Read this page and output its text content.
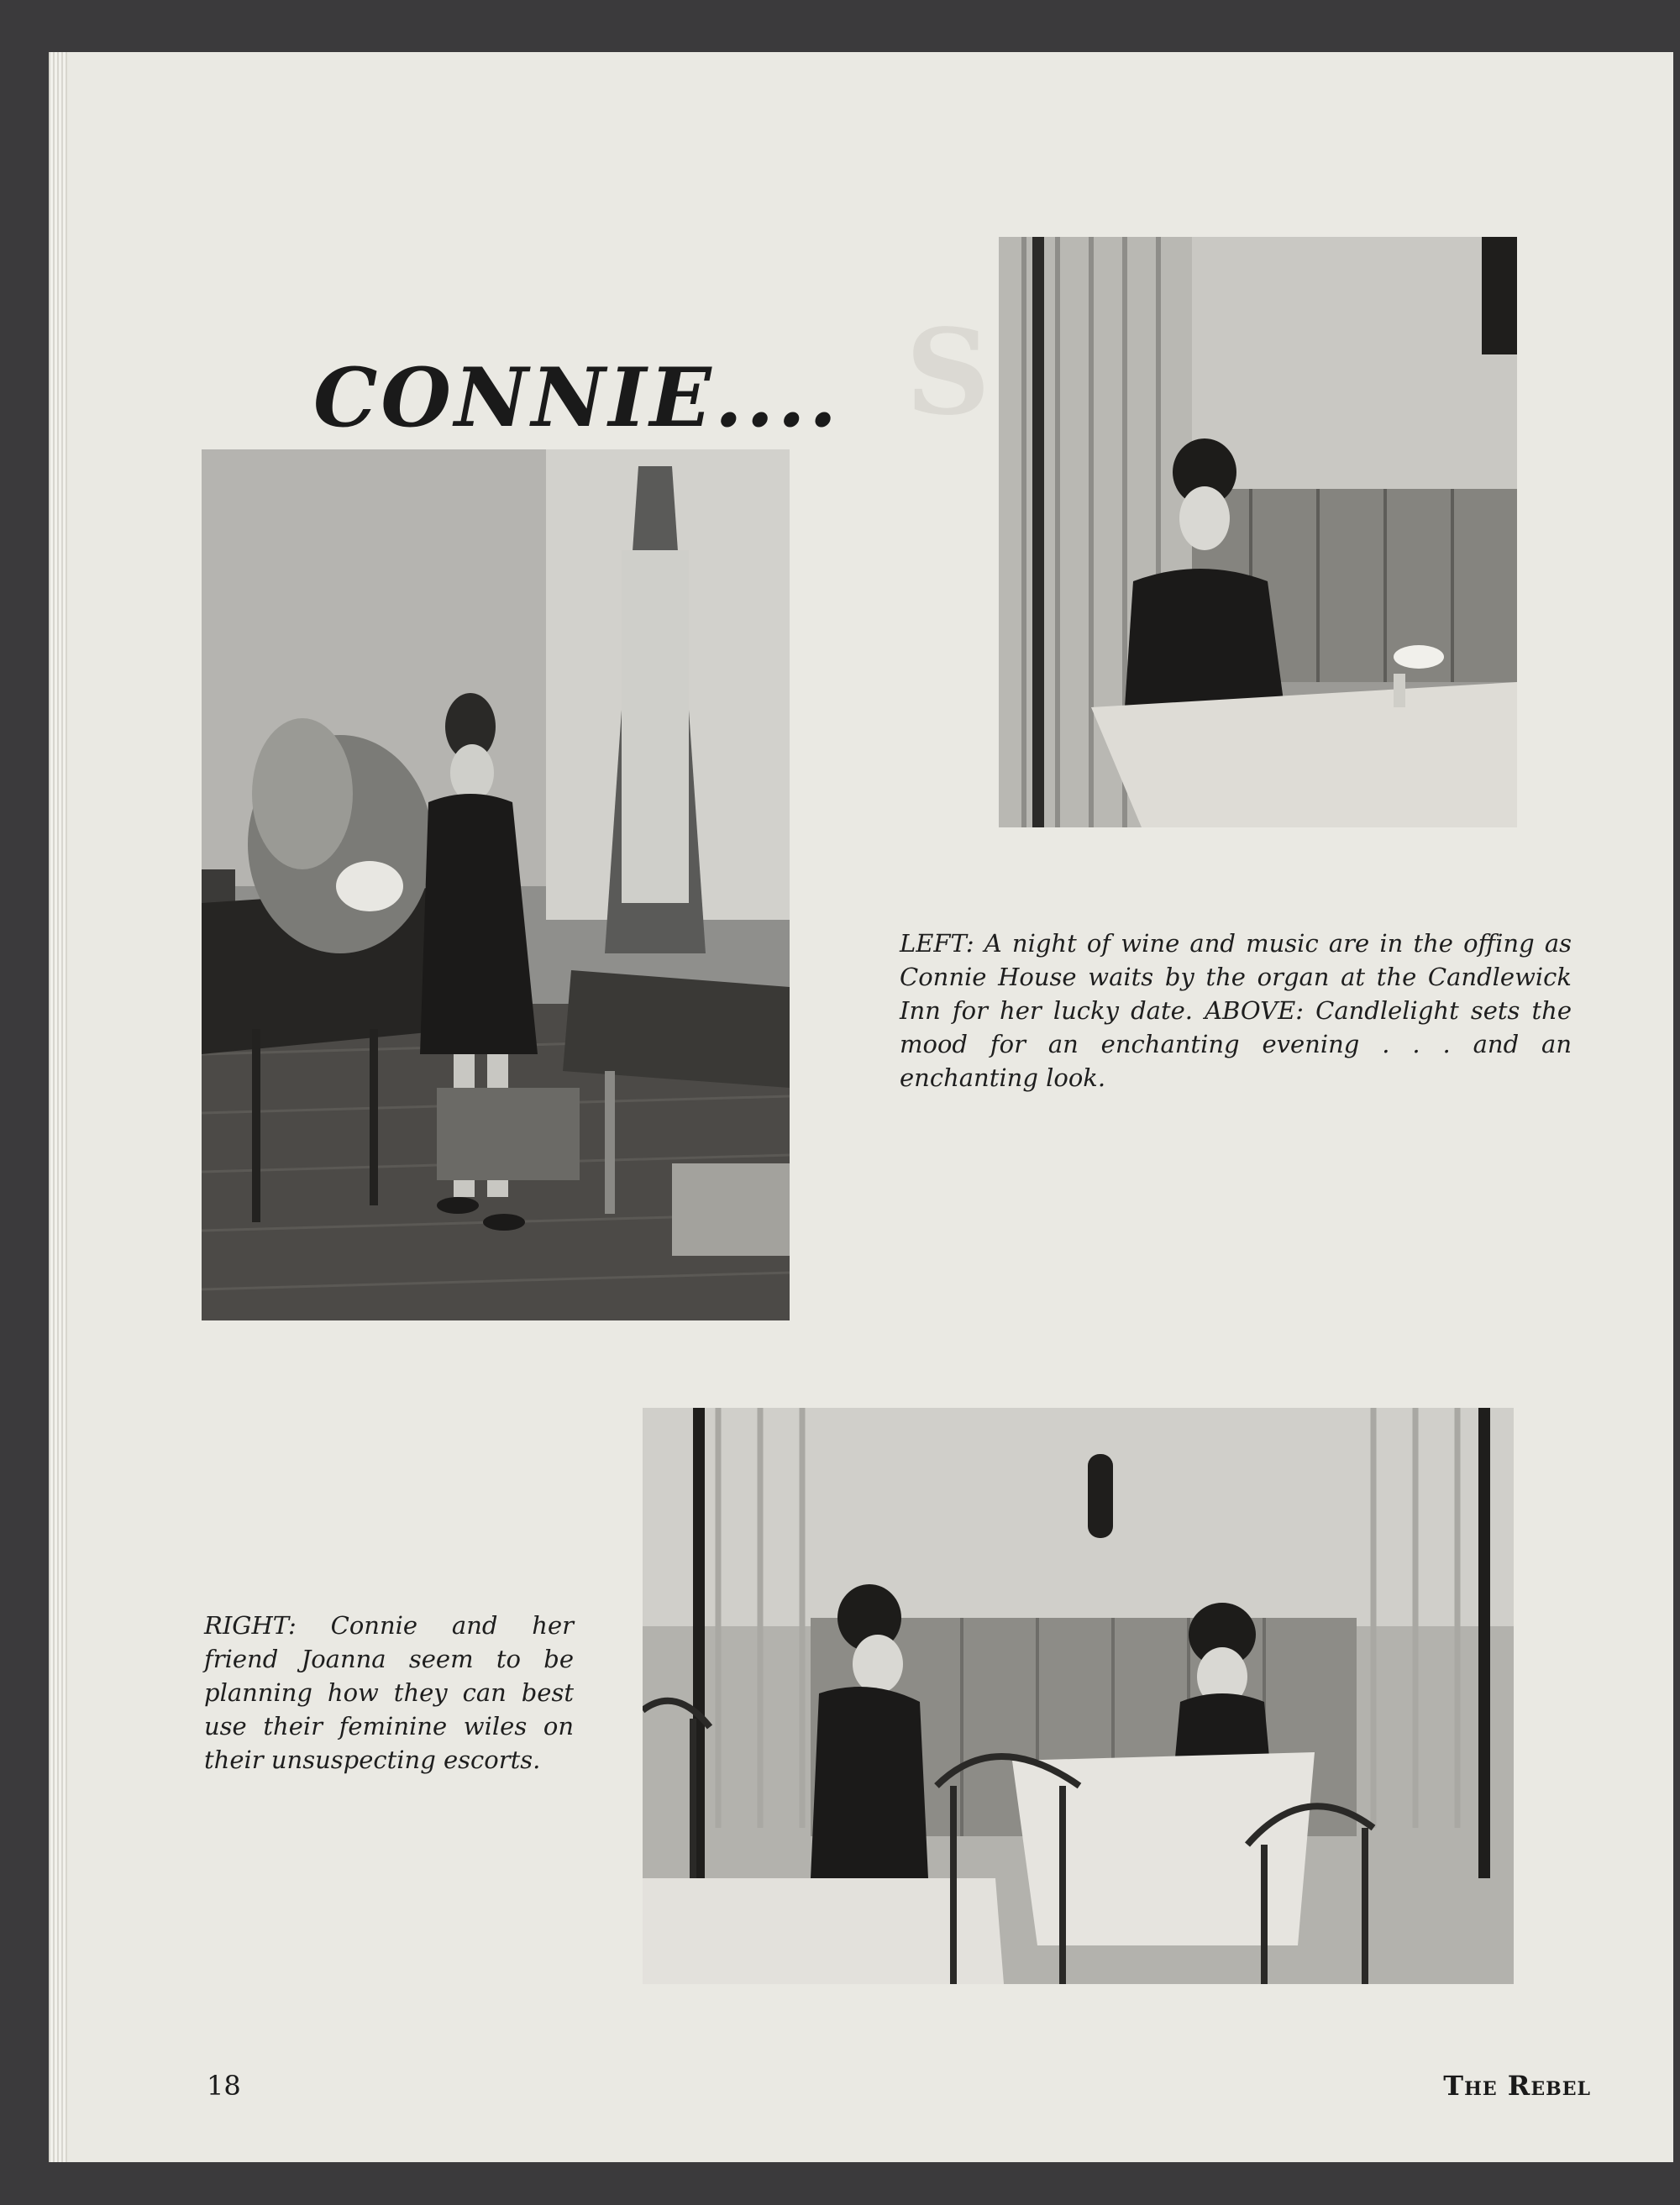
S
CONNIE....

LEFT: A night of wine and music are in the offing as Connie House waits by the organ at the Candlewick Inn for her lucky date. ABOVE: Candlelight sets the mood for an enchanting evening . . . and an enchanting look.

RIGHT: Connie and her friend Joanna seem to be planning how they can best use their feminine wiles on their unsuspecting escorts.

18	The Rebel
